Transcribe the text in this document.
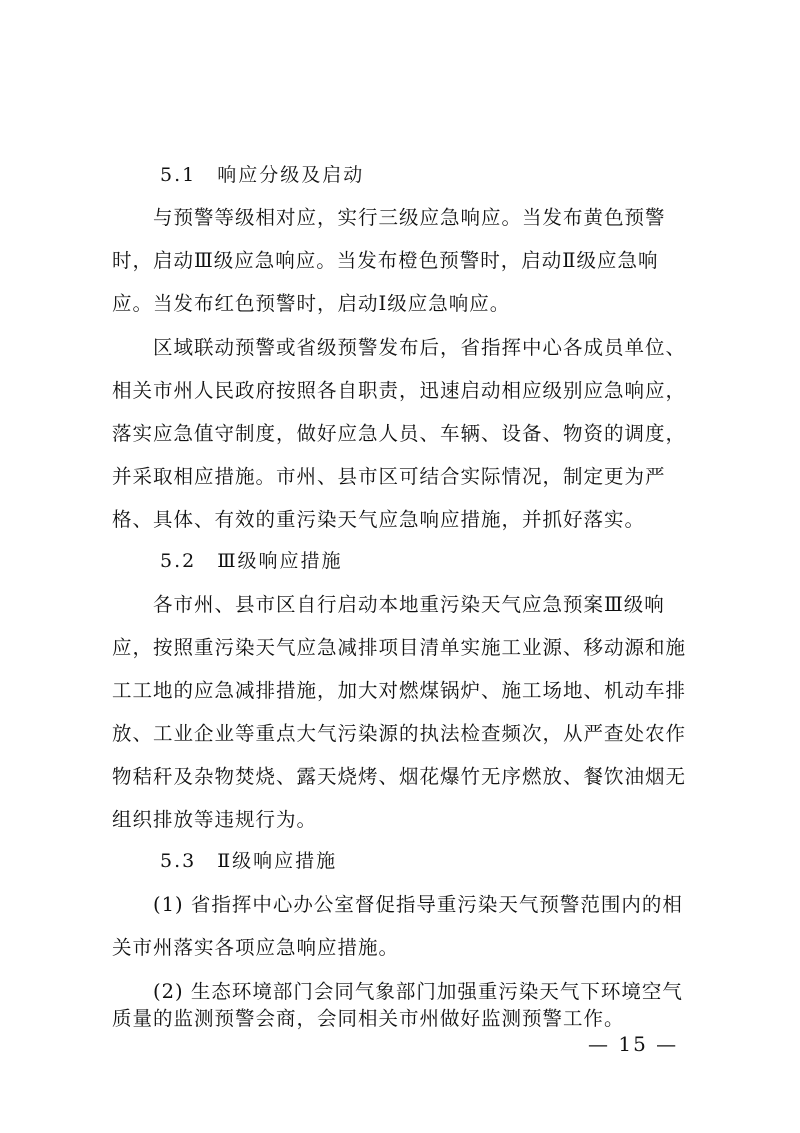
5.1　响应分级及启动
　　与预警等级相对应，实行三级应急响应。当发布黄色预警
时，启动Ⅲ级应急响应。当发布橙色预警时，启动Ⅱ级应急响
应。当发布红色预警时，启动Ⅰ级应急响应。
　　区域联动预警或省级预警发布后，省指挥中心各成员单位、
相关市州人民政府按照各自职责，迅速启动相应级别应急响应，
落实应急值守制度，做好应急人员、车辆、设备、物资的调度，
并采取相应措施。市州、县市区可结合实际情况，制定更为严
格、具体、有效的重污染天气应急响应措施，并抓好落实。
5.2　Ⅲ级响应措施
　　各市州、县市区自行启动本地重污染天气应急预案Ⅲ级响
应，按照重污染天气应急减排项目清单实施工业源、移动源和施
工工地的应急减排措施，加大对燃煤锅炉、施工场地、机动车排
放、工业企业等重点大气污染源的执法检查频次，从严查处农作
物秸秆及杂物焚烧、露天烧烤、烟花爆竹无序燃放、餐饮油烟无
组织排放等违规行为。
5.3　Ⅱ级响应措施
　　(1) 省指挥中心办公室督促指导重污染天气预警范围内的相
关市州落实各项应急响应措施。
　　(2) 生态环境部门会同气象部门加强重污染天气下环境空气
质量的监测预警会商，会同相关市州做好监测预警工作。
— 15 —
